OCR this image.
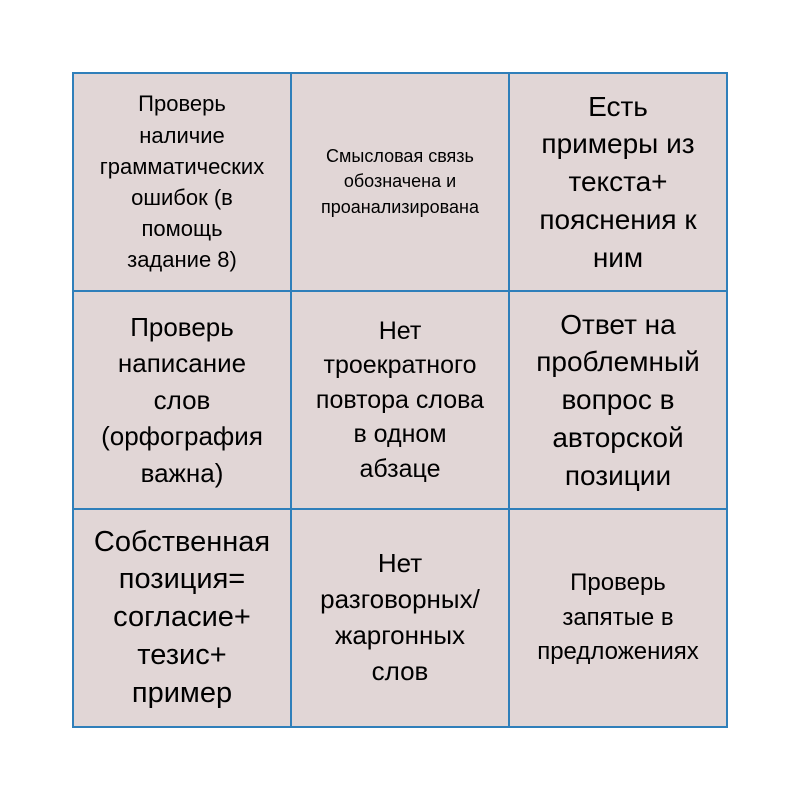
Проверь
наличие
грамматических
ошибок (в
помощь
задание 8)
Смысловая связь
обозначена и
проанализирована
Есть
примеры из
текста+
пояснения к
ним
Проверь
написание
слов
(орфография
важна)
Нет
троекратного
повтора слова
в одном
абзаце
Ответ на
проблемный
вопрос в
авторской
позиции
Собственная
позиция=
согласие+
тезис+
пример
Нет
разговорных/
жаргонных
слов
Проверь
запятые в
предложениях
